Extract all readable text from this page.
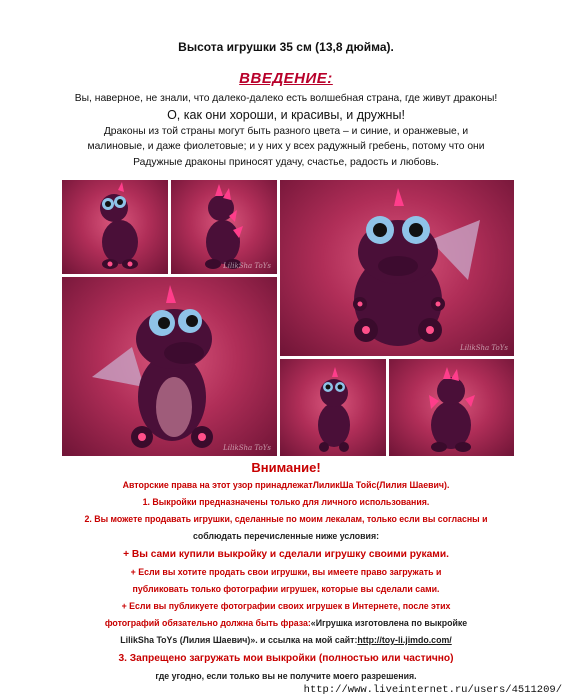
Высота игрушки 35 см (13,8 дюйма).
ВВЕДЕНИЕ:
Вы, наверное, не знали, что далеко-далеко есть волшебная страна, где живут драконы!
О, как они хороши, и красивы, и дружны!
Драконы из той страны могут быть разного цвета – и синие, и оранжевые, и
малиновые, и даже фиолетовые; и у них у всех радужный гребень, потому что они
Радужные драконы приносят удачу, счастье, радость и любовь.
LilikSha ToYs
LilikSha ToYs
LilikSha ToYs
Внимание!
Авторские права на этот узор принадлежатЛиликШа Тойс(Лилия Шаевич).
1. Выкройки предназначены только для личного использования.
2. Вы можете продавать игрушки, сделанные по моим лекалам, только если вы согласны и
соблюдать перечисленные ниже условия:
+ Вы сами купили выкройку и сделали игрушку своими руками.
+ Если вы хотите продать свои игрушки, вы имеете право загружать и
публиковать только фотографии игрушек, которые вы сделали сами.
+ Если вы публикуете фотографии своих игрушек в Интернете, после этих
фотографий обязательно должна быть фраза:«Игрушка изготовлена по выкройке
LilikSha ToYs (Лилия Шаевич)». и ссылка на мой сайт:http://toy-li.jimdo.com/
3. Запрещено загружать мои выкройки (полностью или частично)
где угодно, если только вы не получите моего разрешения.
http://www.liveinternet.ru/users/4511209/
